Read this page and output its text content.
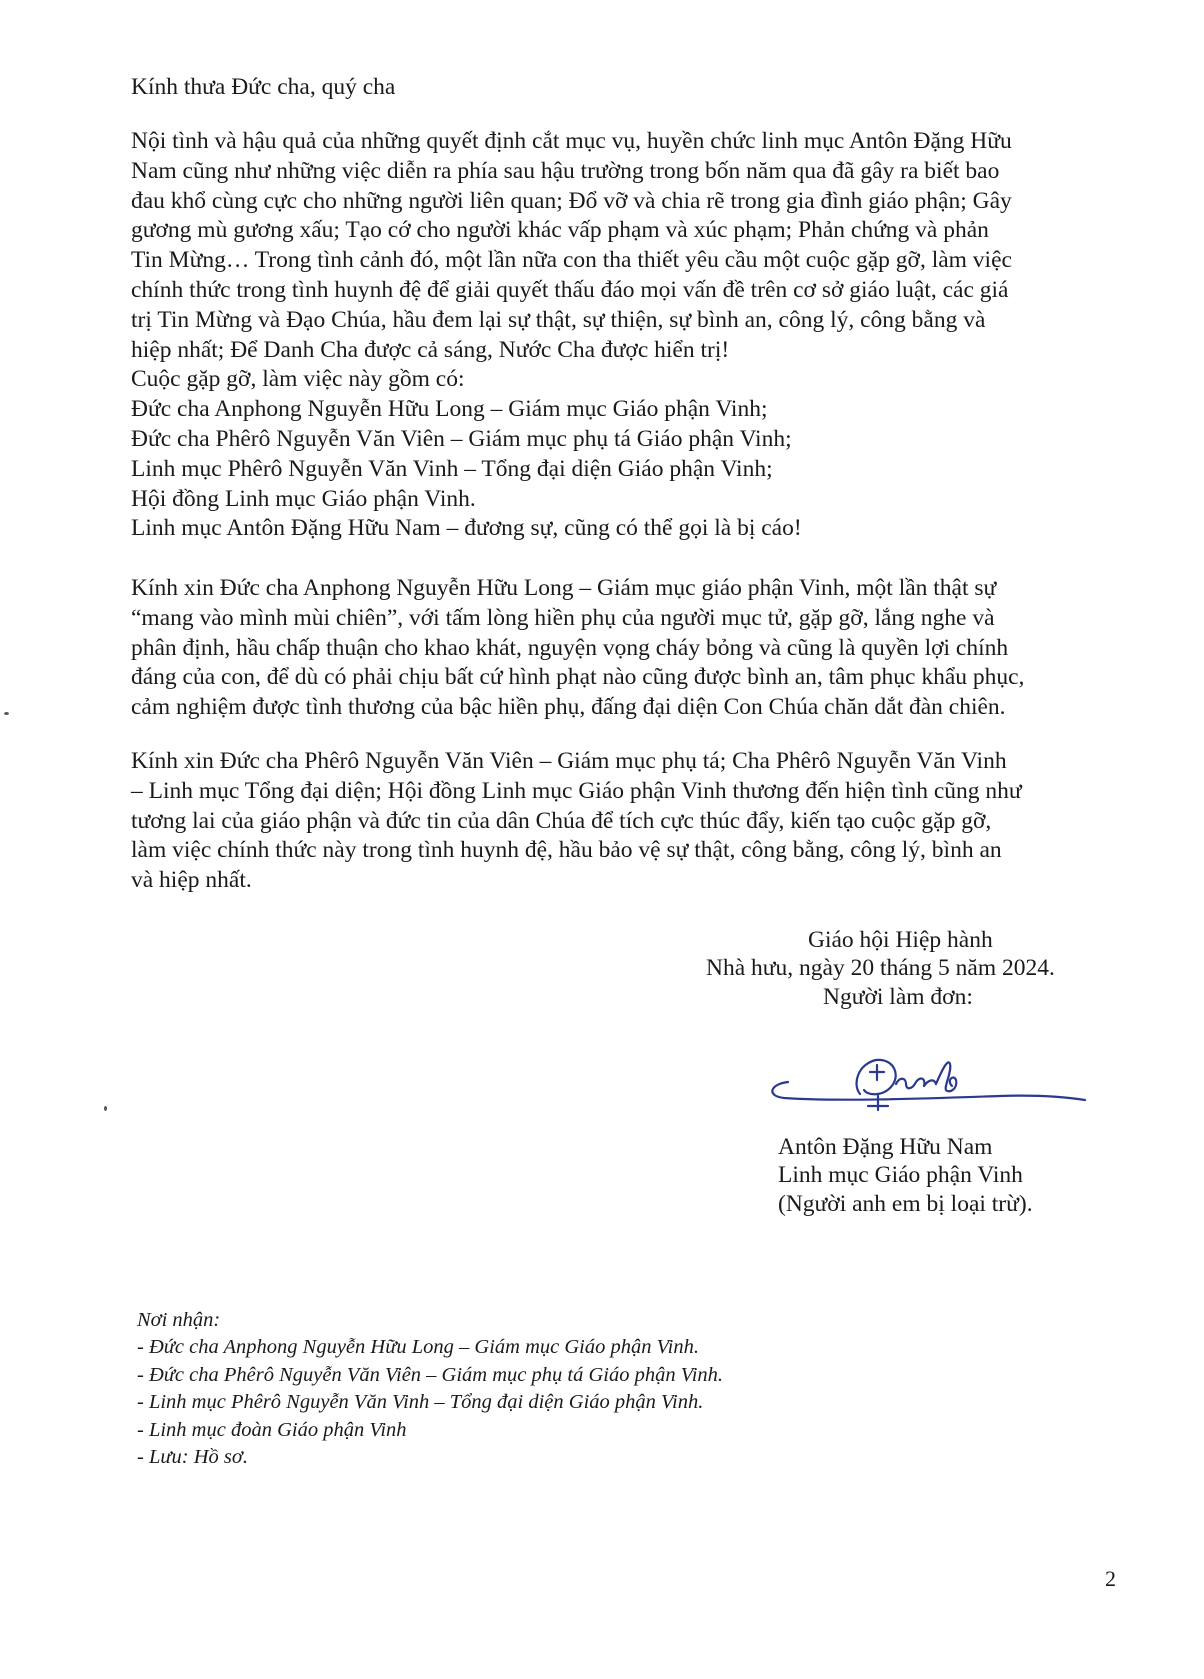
Kính thưa Đức cha, quý cha
Nội tình và hậu quả của những quyết định cắt mục vụ, huyền chức linh mục Antôn Đặng Hữu
Nam cũng như những việc diễn ra phía sau hậu trường trong bốn năm qua đã gây ra biết bao
đau khổ cùng cực cho những người liên quan; Đổ vỡ và chia rẽ trong gia đình giáo phận; Gây
gương mù gương xấu; Tạo cớ cho người khác vấp phạm và xúc phạm; Phản chứng và phản
Tin Mừng… Trong tình cảnh đó, một lần nữa con tha thiết yêu cầu một cuộc gặp gỡ, làm việc
chính thức trong tình huynh đệ để giải quyết thấu đáo mọi vấn đề trên cơ sở giáo luật, các giá
trị Tin Mừng và Đạo Chúa, hầu đem lại sự thật, sự thiện, sự bình an, công lý, công bằng và
hiệp nhất; Để Danh Cha được cả sáng, Nước Cha được hiển trị!
Cuộc gặp gỡ, làm việc này gồm có:
Đức cha Anphong Nguyễn Hữu Long – Giám mục Giáo phận Vinh;
Đức cha Phêrô Nguyễn Văn Viên – Giám mục phụ tá Giáo phận Vinh;
Linh mục Phêrô Nguyễn Văn Vinh – Tổng đại diện Giáo phận Vinh;
Hội đồng Linh mục Giáo phận Vinh.
Linh mục Antôn Đặng Hữu Nam – đương sự, cũng có thể gọi là bị cáo!
Kính xin Đức cha Anphong Nguyễn Hữu Long – Giám mục giáo phận Vinh, một lần thật sự
“mang vào mình mùi chiên”, với tấm lòng hiền phụ của người mục tử, gặp gỡ, lắng nghe và
phân định, hầu chấp thuận cho khao khát, nguyện vọng cháy bỏng và cũng là quyền lợi chính
đáng của con, để dù có phải chịu bất cứ hình phạt nào cũng được bình an, tâm phục khẩu phục,
cảm nghiệm được tình thương của bậc hiền phụ, đấng đại diện Con Chúa chăn dắt đàn chiên.
Kính xin Đức cha Phêrô Nguyễn Văn Viên – Giám mục phụ tá; Cha Phêrô Nguyễn Văn Vinh
– Linh mục Tổng đại diện; Hội đồng Linh mục Giáo phận Vinh thương đến hiện tình cũng như
tương lai của giáo phận và đức tin của dân Chúa để tích cực thúc đẩy, kiến tạo cuộc gặp gỡ,
làm việc chính thức này trong tình huynh đệ, hầu bảo vệ sự thật, công bằng, công lý, bình an
và hiệp nhất.
Giáo hội Hiệp hành
Nhà hưu, ngày 20 tháng 5 năm 2024.
Người làm đơn:
Antôn Đặng Hữu Nam
Linh mục Giáo phận Vinh
(Người anh em bị loại trừ).
Nơi nhận:
- Đức cha Anphong Nguyễn Hữu Long – Giám mục Giáo phận Vinh.
- Đức cha Phêrô Nguyễn Văn Viên – Giám mục phụ tá Giáo phận Vinh.
- Linh mục Phêrô Nguyễn Văn Vinh – Tổng đại diện Giáo phận Vinh.
- Linh mục đoàn Giáo phận Vinh
- Lưu: Hồ sơ.
2
